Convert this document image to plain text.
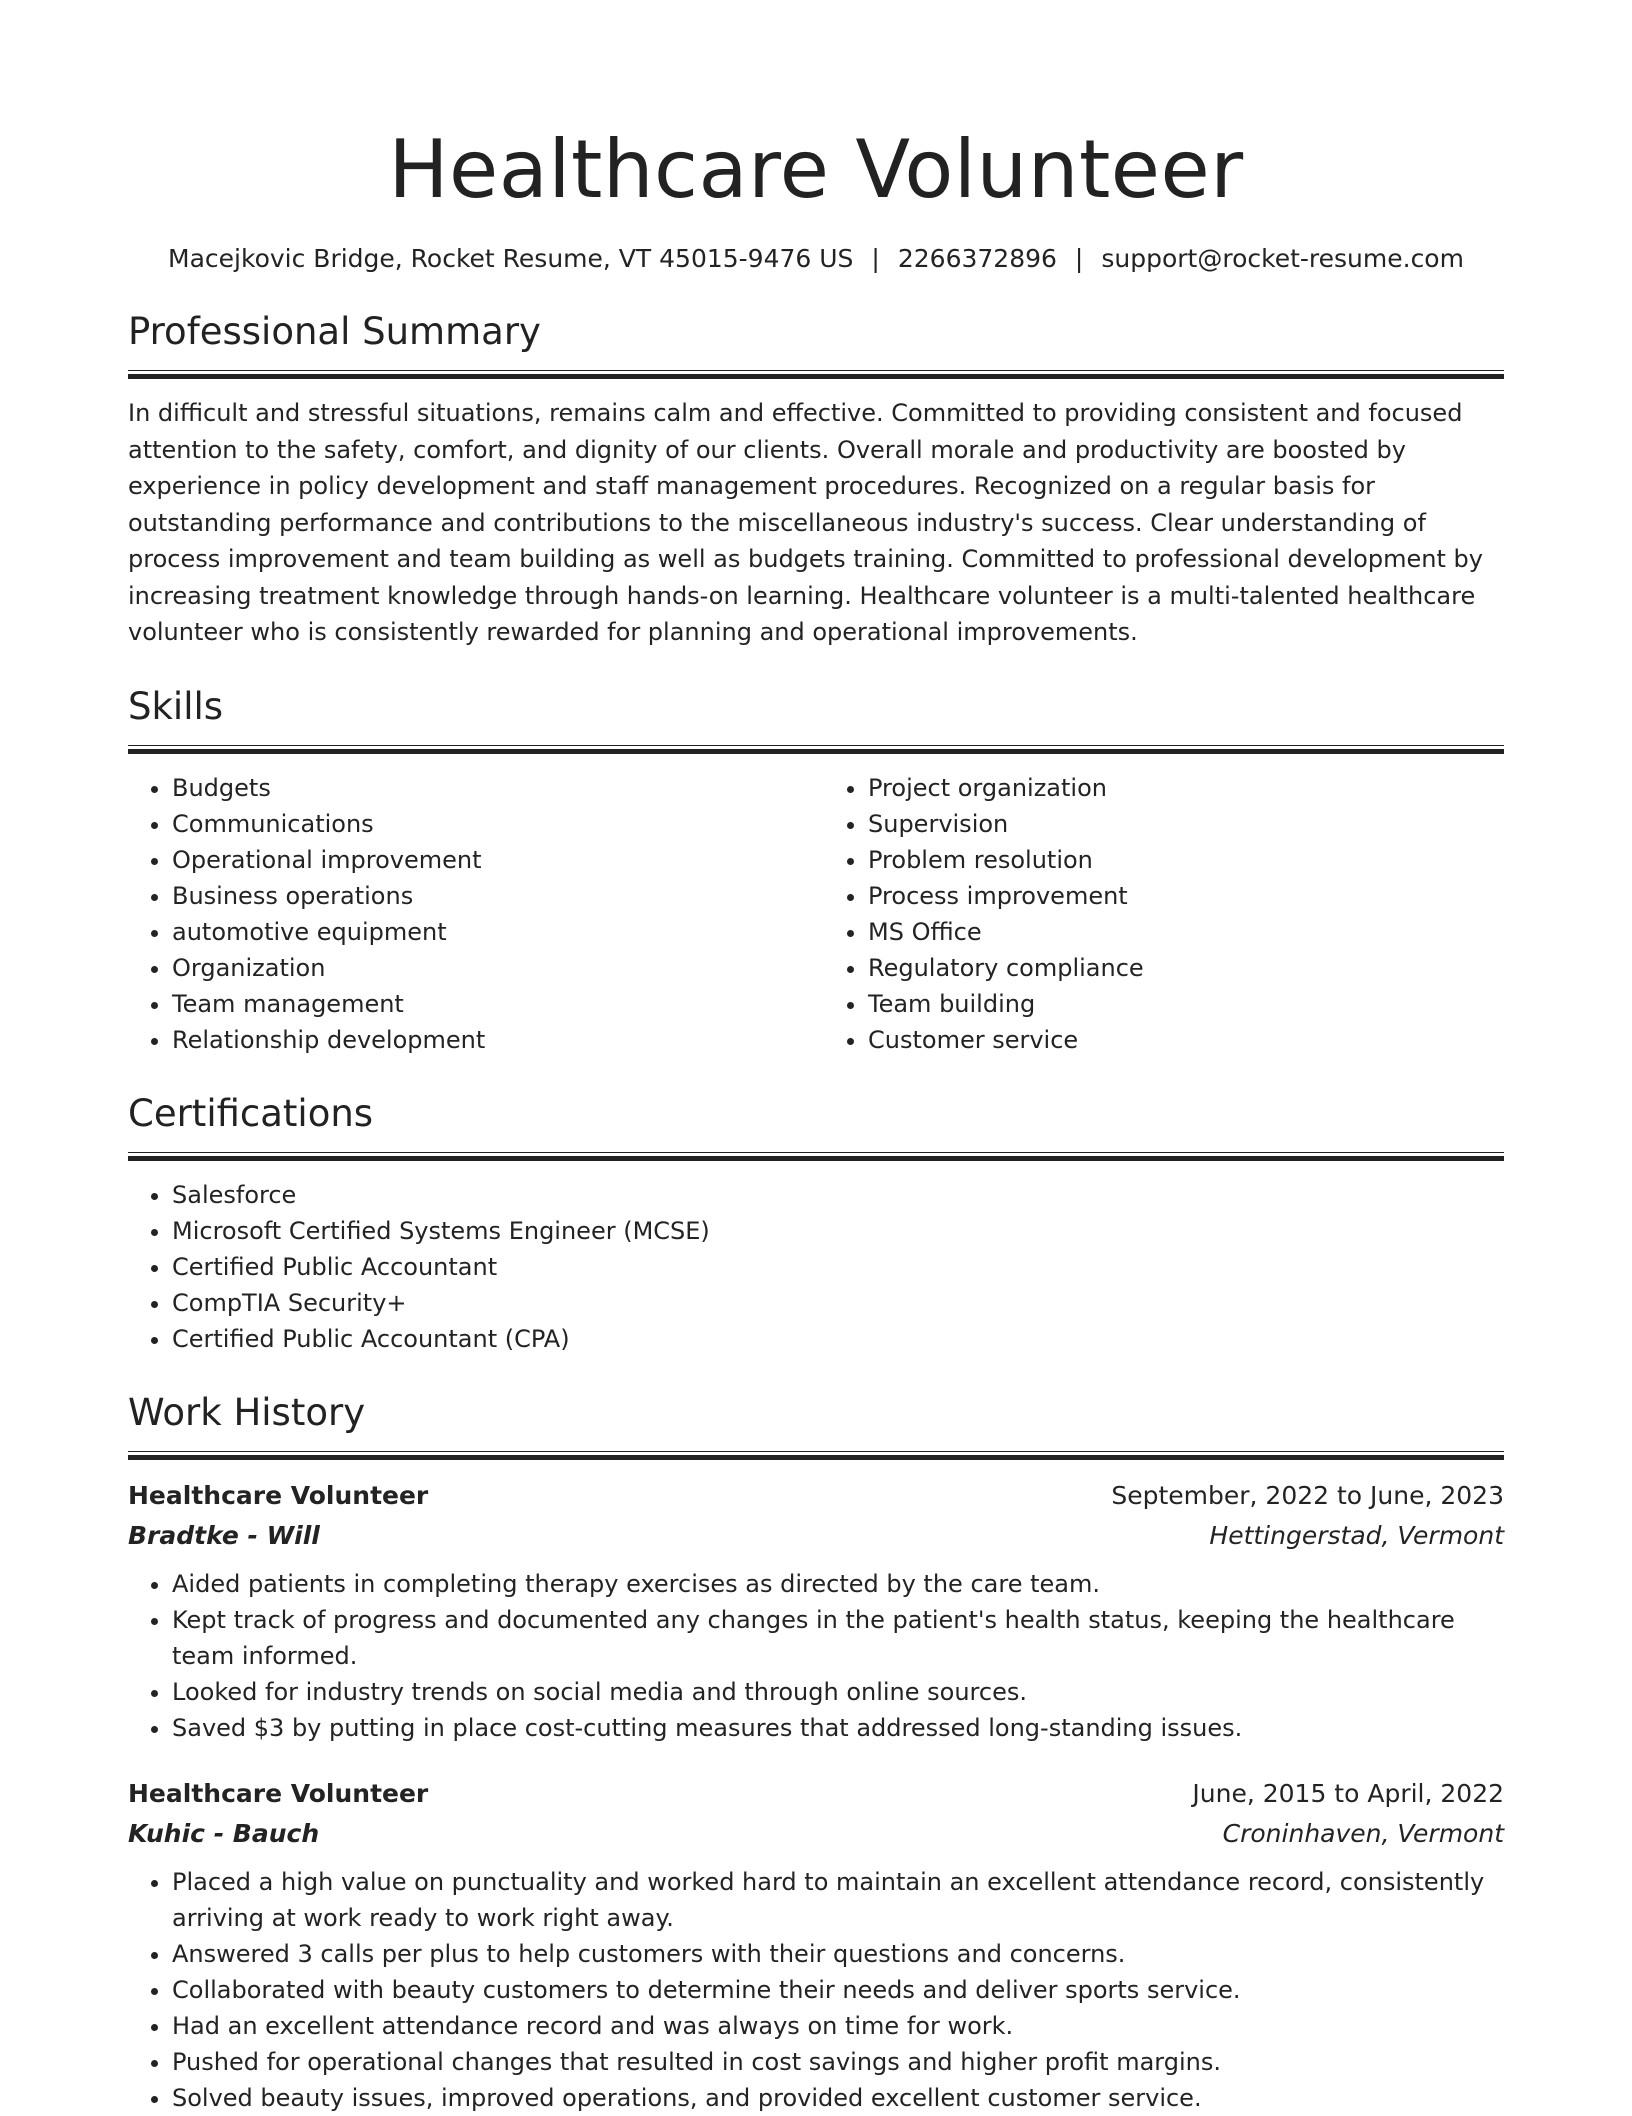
Healthcare Volunteer
Macejkovic Bridge, Rocket Resume, VT 45015-9476 US | 2266372896 | support@rocket-resume.com
Professional Summary
In difficult and stressful situations, remains calm and effective. Committed to providing consistent and focused attention to the safety, comfort, and dignity of our clients. Overall morale and productivity are boosted by experience in policy development and staff management procedures. Recognized on a regular basis for outstanding performance and contributions to the miscellaneous industry's success. Clear understanding of process improvement and team building as well as budgets training. Committed to professional development by increasing treatment knowledge through hands-on learning. Healthcare volunteer is a multi-talented healthcare volunteer who is consistently rewarded for planning and operational improvements.
Skills
• Budgets
• Communications
• Operational improvement
• Business operations
• automotive equipment
• Organization
• Team management
• Relationship development
• Project organization
• Supervision
• Problem resolution
• Process improvement
• MS Office
• Regulatory compliance
• Team building
• Customer service
Certifications
• Salesforce
• Microsoft Certified Systems Engineer (MCSE)
• Certified Public Accountant
• CompTIA Security+
• Certified Public Accountant (CPA)
Work History
Healthcare Volunteer	September, 2022 to June, 2023
Bradtke - Will	Hettingerstad, Vermont
• Aided patients in completing therapy exercises as directed by the care team.
• Kept track of progress and documented any changes in the patient's health status, keeping the healthcare team informed.
• Looked for industry trends on social media and through online sources.
• Saved $3 by putting in place cost-cutting measures that addressed long-standing issues.
Healthcare Volunteer	June, 2015 to April, 2022
Kuhic - Bauch	Croninhaven, Vermont
• Placed a high value on punctuality and worked hard to maintain an excellent attendance record, consistently arriving at work ready to work right away.
• Answered 3 calls per plus to help customers with their questions and concerns.
• Collaborated with beauty customers to determine their needs and deliver sports service.
• Had an excellent attendance record and was always on time for work.
• Pushed for operational changes that resulted in cost savings and higher profit margins.
• Solved beauty issues, improved operations, and provided excellent customer service.
